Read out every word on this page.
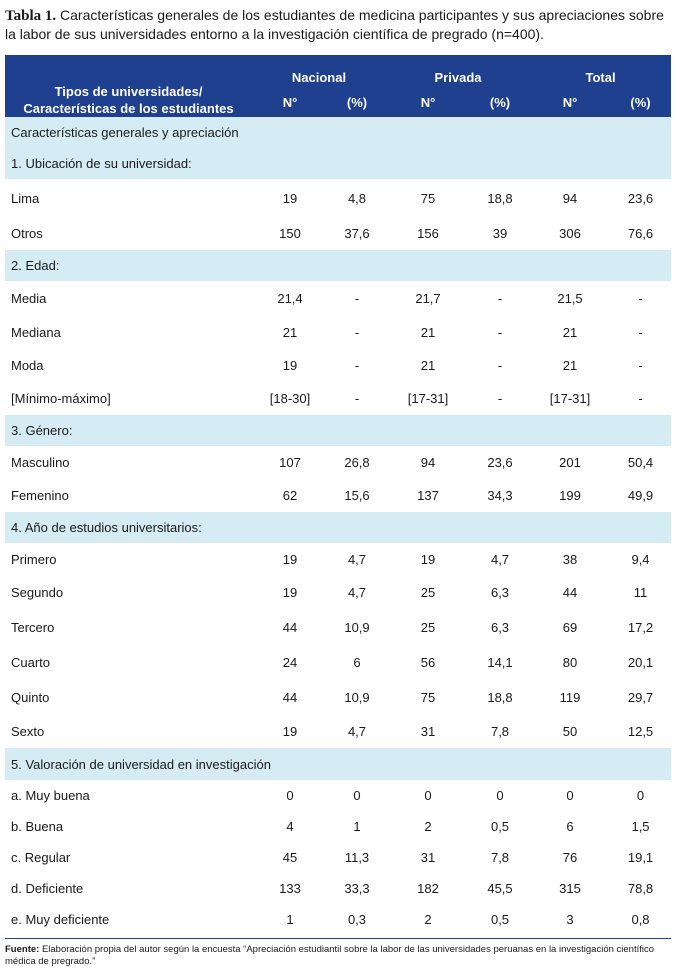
Tabla 1. Características generales de los estudiantes de medicina participantes y sus apreciaciones sobre la labor de sus universidades entorno a la investigación científica de pregrado (n=400).
Tipos de universidades/
Características de los estudiantes	Nacional		Privada		Total	
	N°	(%)	N°	(%)	N°	(%)
Características generales y apreciación						
1. Ubicación de su universidad:						
Lima	19	4,8	75	18,8	94	23,6
Otros	150	37,6	156	39	306	76,6
2. Edad:						
Media	21,4	-	21,7	-	21,5	-
Mediana	21	-	21	-	21	-
Moda	19	-	21	-	21	-
[Mínimo-máximo]	[18-30]	-	[17-31]	-	[17-31]	-
3. Género:						
Masculino	107	26,8	94	23,6	201	50,4
Femenino	62	15,6	137	34,3	199	49,9
4. Año de estudios universitarios:						
Primero	19	4,7	19	4,7	38	9,4
Segundo	19	4,7	25	6,3	44	11
Tercero	44	10,9	25	6,3	69	17,2
Cuarto	24	6	56	14,1	80	20,1
Quinto	44	10,9	75	18,8	119	29,7
Sexto	19	4,7	31	7,8	50	12,5
5. Valoración de universidad en investigación						
a. Muy buena	0	0	0	0	0	0
b. Buena	4	1	2	0,5	6	1,5
c. Regular	45	11,3	31	7,8	76	19,1
d. Deficiente	133	33,3	182	45,5	315	78,8
e. Muy deficiente	1	0,3	2	0,5	3	0,8
Fuente: Elaboración propia del autor según la encuesta “Apreciación estudiantil sobre la labor de las universidades peruanas en la investigación científico médica de pregrado.”
